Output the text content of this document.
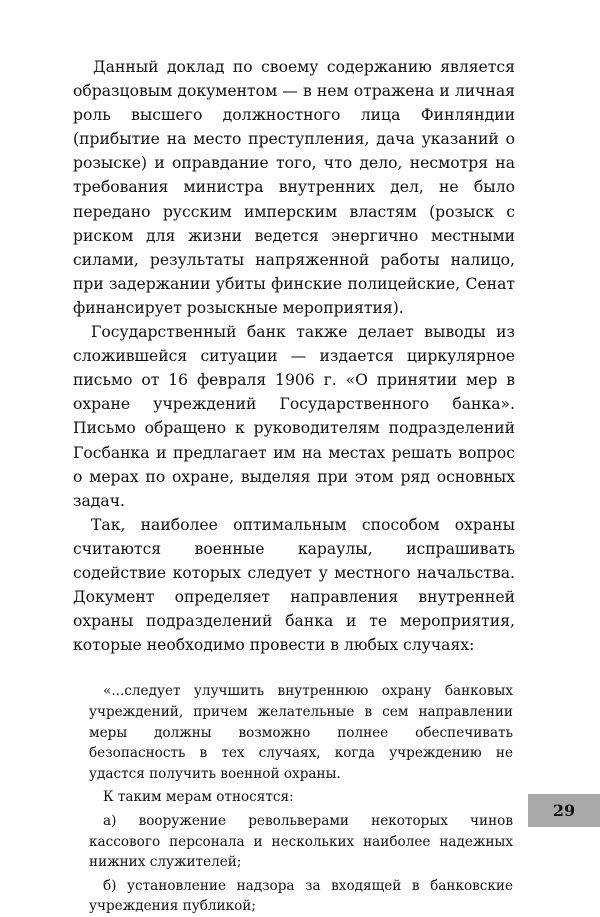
Данный доклад по своему содержанию является образцовым документом — в нем отражена и личная роль высшего должностного лица Финляндии (прибытие на место преступления, дача указаний о розыске) и оправдание того, что дело, несмотря на требования министра внутренних дел, не было передано русским имперским властям (розыск с риском для жизни ведется энергично местными силами, результаты напряженной работы налицо, при задержании убиты финские полицейские, Сенат финансирует розыскные мероприятия).

Государственный банк также делает выводы из сложившейся ситуации — издается циркулярное письмо от 16 февраля 1906 г. «О принятии мер в охране учреждений Государственного банка». Письмо обращено к руководителям подразделений Госбанка и предлагает им на местах решать вопрос о мерах по охране, выделяя при этом ряд основных задач.

Так, наиболее оптимальным способом охраны считаются военные караулы, испрашивать содействие которых следует у местного начальства. Документ определяет направления внутренней охраны подразделений банка и те мероприятия, которые необходимо провести в любых случаях:

«...следует улучшить внутреннюю охрану банковых учреждений, причем желательные в сем направлении меры должны возможно полнее обеспечивать безопасность в тех случаях, когда учреждению не удастся получить военной охраны.

К таким мерам относятся:

а) вооружение револьверами некоторых чинов кассового персонала и нескольких наиболее надежных нижних служителей;

б) установление надзора за входящей в банковские учреждения публикой;

29
